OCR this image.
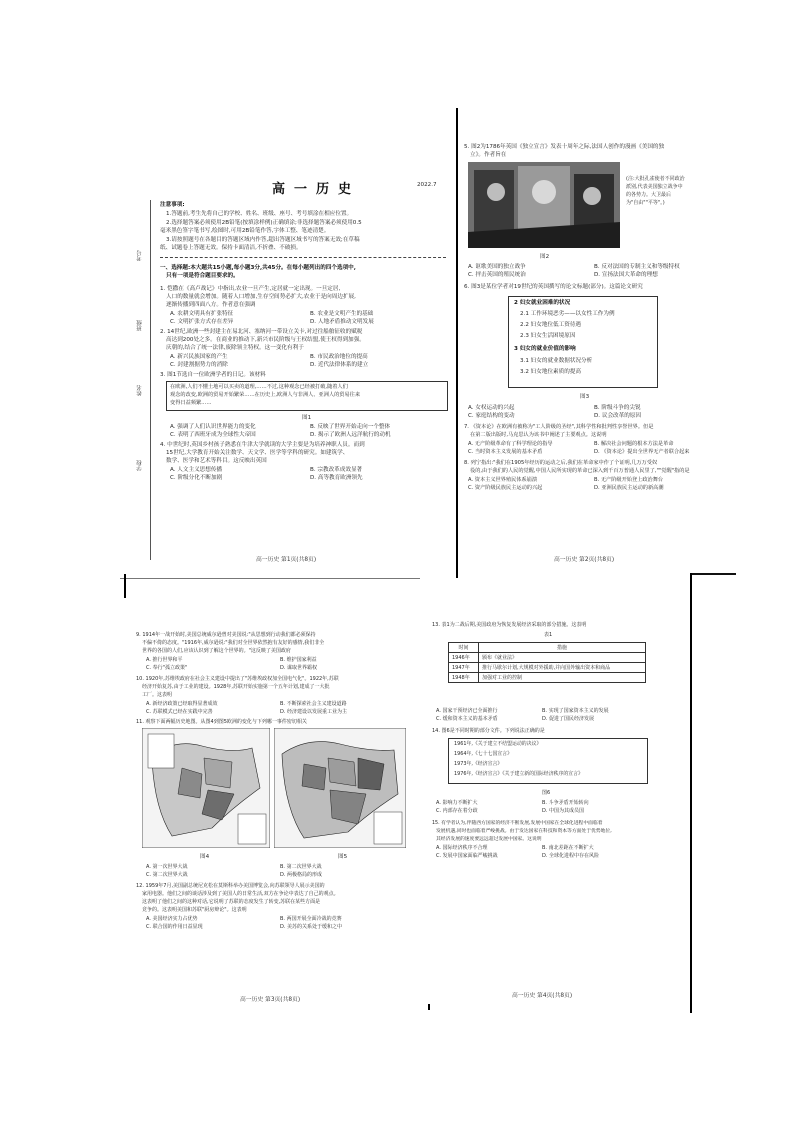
高一历史	2022.7
注意事项:
1.答题前,考生先将自己的学校、姓名、班级、座号、考号填涂在相应位置。
2.选择题答案必须使用2B铅笔(按填涂样例)正确填涂;非选择题答案必须使用0.5
毫米黑色签字笔书写,绘图时,可用2B铅笔作答,字体工整、笔迹清楚。
3.请按照题号在各题目的答题区域内作答,超出答题区域书写的答案无效;在草稿
纸、试题卷上答题无效。保持卡面清洁,不折叠、不破损。
一、选择题:本大题共15小题,每小题3分,共45分。在每小题列出的四个选项中,
只有一项是符合题目要求的。
1. 恺撒在《高卢战记》中指出,农业一旦产生,定居就一定出现。一旦定居,
人口的数量就会增加。随着人口增加,生存空间势必扩大,农业于是向周边扩展,
逐渐传播到四面八方。作者意在强调
A. 农耕文明具有扩张特征	B. 农业是文明产生的基础
C. 文明扩张方式存在差异	D. 人地矛盾推动文明发展
2. 14世纪,欧洲一些封建主在易北河、塞纳河一带设立关卡,对过往船舶征收的赋税
高达到200处之多。在商业的推动下,新兴市民阶级与王权结盟,使王权得到加强。
庆朝的,结合了统一法律,废除领主特权。这一变化有利于
A. 新兴民族国家的产生	B. 市民政治地位的提高
C. 封建割据势力的消除	D. 近代法律体系的建立
3. 图1节选自一位欧洲学者的日记。该材料
在欧洲,人们不懂土地可以买卖的道理,……不过,这种观念已经被打破,随着人们
观念的改变,欧洲的贸易开始繁荣……在历史上,欧洲人与非洲人、亚洲人的贸易往来
变得日益频繁……
图1
A. 强调了人们认识世界能力的变化	B. 反映了世界开始走向一个整体
C. 表明了西班牙成为全球性大帝国	D. 揭示了欧洲人远洋航行的动机
4. 中世纪时,英国乡村孩子熟悉在牛津大学就读的大学主要是为培养神职人员。而到
15世纪,大学教育开始关注数学、天文学、医学等学科的研究。如建筑学、
数学、医学和艺术等科目。这反映出英国
A. 人文主义思想传播	B. 宗教改革成效显著
C. 阶级分化不断加剧	D. 高等教育欧洲领先
高一历史 第1页(共8页)
考号
班级
姓名
学校
5. 图2为1786年英国《独立宣言》发表十周年之际,法国人创作的漫画《美国的独
立》。作者旨在
(注:大批孔雀使者不同政治
派别,代表美国独立战争中
的各势力。大卫最后
为"自由""平等"。)
图2
A. 讴歌美国的独立战争	B. 反对法国的专制主义和等级特权
C. 抨击英国的殖民统治	D. 宣扬法国大革命的理想
6. 图3是某位学者对19世纪的英国撰写的论文标题(部分)。这篇论文研究
2 妇女就业困难的状况
2.1 工作环境恶劣——以女性工作为例
2.2 妇女地位低工资待遇
2.3 妇女生活困境原因
3 妇女的就业价值的影响
3.1 妇女的就业数据状况分析
3.2 妇女地位素质的提高
图3
A. 女权运动的兴起	B. 阶级斗争的尖锐
C. 家庭结构的变动	D. 议会改革的原因
7. 《资本论》在欧洲有被称为"工人阶级的圣经",其科学性和批判性享誉世界。但是
在第二版出版时,马克思认为该书中阐述了主要观点。这说明
A. 无产阶级革命有了科学理论的指导	B. 解决社会问题的根本方法是革命
C. 当时资本主义发展的基本矛盾	D. 《资本论》提出全世界无产者联合起来
8. 列宁指出:"我们在1905年经历的运动之后,我们在革命家中作了个证明,几万万受奴
役的,由于我们的人民的觉醒,中国人民所实现的革命已深入到千百万普通人民里了,""觉醒"指的是
A. 资本主义世界殖民体系崩溃	B. 无产阶级开始登上政治舞台
C. 资产阶级民族民主运动的兴起	D. 亚洲民族民主运动的新高潮
高一历史 第2页(共8页)
9. 1914年一战开始时,美国总统威尔逊曾对美国说:"从思想到行动我们都必须保持
不偏不倚的态度。"1916年,威尔逊说:"我们对全世界依然抱有友好的感情,我们非全
世界的各国的人们,应该认识到了解这个世界的。"这反映了美国政府
A. 推行世界和平	B. 维护国家利益
C. 奉行"孤立政策"	D. 谋取世界霸权
10. 1920年,苏维埃政府在社会主义建设中提出了"苏维埃政权加全国电气化"。1922年,苏联
经济开始复苏,由于工业的建设。1928年,苏联开始实施第一个五年计划,建成了一大批
工厂。这表明
A. 新经济政策已经取得显著成效	B. 不断探索社会主义建设道路
C. 苏联模式已经在实践中完善	D. 经济建设以发展重工业为主
11. 观察下面两幅历史地图。从图4到图5欧洲的变化与下列哪一事件密切相关
图4	图5
A. 第一次世界大战	B. 第二次世界大战
C. 第二次世界大战	D. 两极格局的形成
12. 1959年7月,美国副总统尼克松在莫斯科举办美国博览会,向苏联领导人展示美国的
家用电器。他们之间的谈话涉及到了美国人的日常生活,双方在争论中表达了自己的观点。
这表明了他们之间的这种对话,它说明了苏联的态度发生了转变,苏联在某些方面是
竞争的。这表明美国和苏联"厨房辩论"。这表明
A. 美国经济实力占优势	B. 两国开展全面冷战的竞赛
C. 联合国的作用日益显现	D. 美苏的关系处于缓和之中
高一历史 第3页(共8页)
13. 表1为二战后期,美国政府为恢复发展经济采取的部分措施。这表明
表1
时间	措施
1946年	颁布《就业法》
1947年	推行马歇尔计划,大规模对外援助,并向国外输出资本和商品
1948年	加强对工业的控制
A. 国家干预经济已全面推行	B. 实现了国家资本主义的发展
C. 缓和资本主义的基本矛盾	D. 促进了国民经济发展
14. 图6是不同时期的部分文件。下列说法正确的是
1961年,《关于建立不结盟运动的决议》
1964年,《七十七国宣言》
1973年,《经济宣言》
1976年,《经济宣言》《关于建立新的国际经济秩序的宣言》
图6
A. 影响力不断扩大	B. 斗争矛盾开始转向
C. 内部存在着分歧	D. 中国为其成员国
15. 有学者认为,伴随西方国家的经济不断发展,发展中国家在全球化进程中面临着
发展机遇,同时也面临着严峻挑战。由于发达国家在科技和资本等方面处于优势地位,
其经济发展的速度要远远超过发展中国家。这说明
A. 国际经济秩序不合理	B. 南北差距在不断扩大
C. 发展中国家面临严峻挑战	D. 全球化进程中存在风险
高一历史 第4页(共8页)
